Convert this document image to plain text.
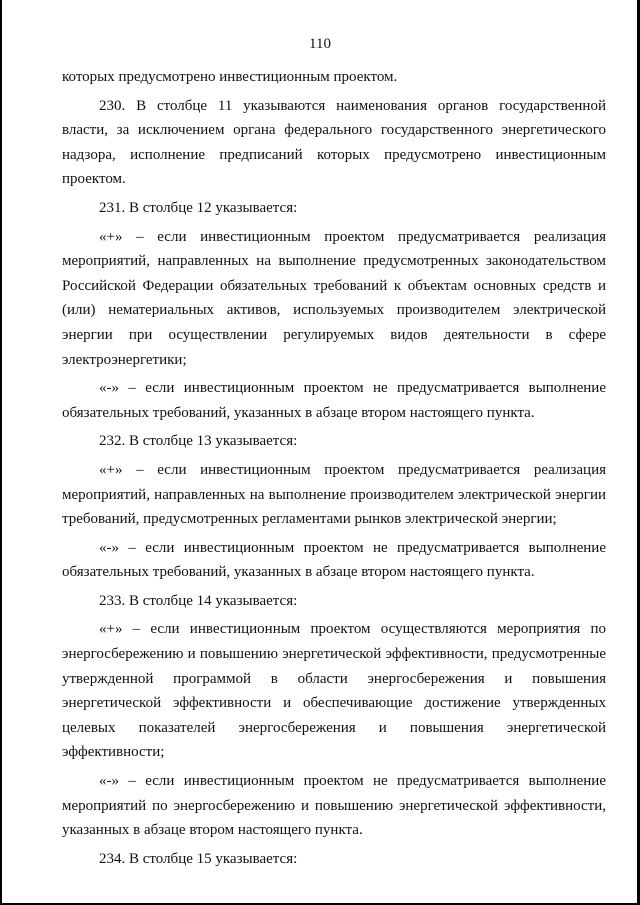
110

которых предусмотрено инвестиционным проектом.

230. В столбце 11 указываются наименования органов государственной власти, за исключением органа федерального государственного энергетического надзора, исполнение предписаний которых предусмотрено инвестиционным проектом.

231. В столбце 12 указывается:

«+» – если инвестиционным проектом предусматривается реализация мероприятий, направленных на выполнение предусмотренных законодательством Российской Федерации обязательных требований к объектам основных средств и (или) нематериальных активов, используемых производителем электрической энергии при осуществлении регулируемых видов деятельности в сфере электроэнергетики;

«-» – если инвестиционным проектом не предусматривается выполнение обязательных требований, указанных в абзаце втором настоящего пункта.

232. В столбце 13 указывается:

«+» – если инвестиционным проектом предусматривается реализация мероприятий, направленных на выполнение производителем электрической энергии требований, предусмотренных регламентами рынков электрической энергии;

«-» – если инвестиционным проектом не предусматривается выполнение обязательных требований, указанных в абзаце втором настоящего пункта.

233. В столбце 14 указывается:

«+» – если инвестиционным проектом осуществляются мероприятия по энергосбережению и повышению энергетической эффективности, предусмотренные утвержденной программой в области энергосбережения и повышения энергетической эффективности и обеспечивающие достижение утвержденных целевых показателей энергосбережения и повышения энергетической эффективности;

«-» – если инвестиционным проектом не предусматривается выполнение мероприятий по энергосбережению и повышению энергетической эффективности, указанных в абзаце втором настоящего пункта.

234. В столбце 15 указывается:
